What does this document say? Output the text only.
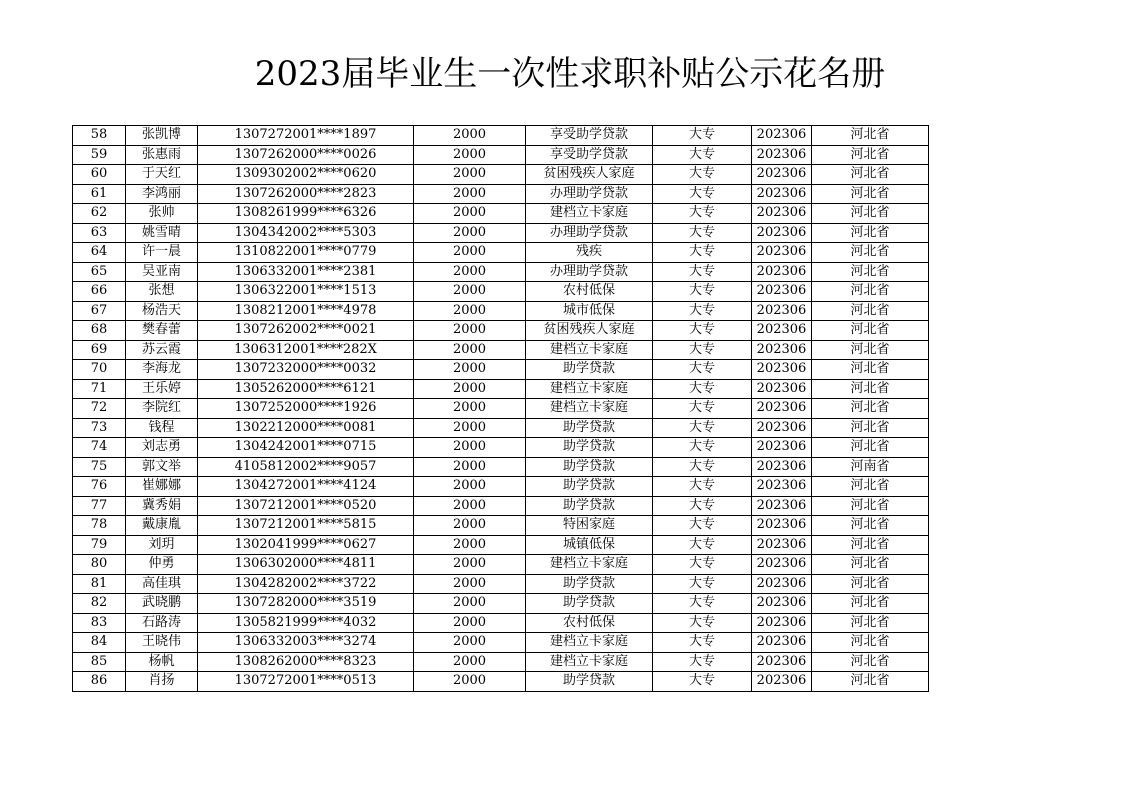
2023届毕业生一次性求职补贴公示花名册
58	张凯博	1307272001****1897	2000	享受助学贷款	大专	202306	河北省
59	张惠雨	1307262000****0026	2000	享受助学贷款	大专	202306	河北省
60	于天红	1309302002****0620	2000	贫困残疾人家庭	大专	202306	河北省
61	李鸿丽	1307262000****2823	2000	办理助学贷款	大专	202306	河北省
62	张帅	1308261999****6326	2000	建档立卡家庭	大专	202306	河北省
63	姚雪晴	1304342002****5303	2000	办理助学贷款	大专	202306	河北省
64	许一晨	1310822001****0779	2000	残疾	大专	202306	河北省
65	吴亚南	1306332001****2381	2000	办理助学贷款	大专	202306	河北省
66	张想	1306322001****1513	2000	农村低保	大专	202306	河北省
67	杨浩天	1308212001****4978	2000	城市低保	大专	202306	河北省
68	樊春蕾	1307262002****0021	2000	贫困残疾人家庭	大专	202306	河北省
69	苏云霞	1306312001****282X	2000	建档立卡家庭	大专	202306	河北省
70	李海龙	1307232000****0032	2000	助学贷款	大专	202306	河北省
71	王乐婷	1305262000****6121	2000	建档立卡家庭	大专	202306	河北省
72	李院红	1307252000****1926	2000	建档立卡家庭	大专	202306	河北省
73	钱程	1302212000****0081	2000	助学贷款	大专	202306	河北省
74	刘志勇	1304242001****0715	2000	助学贷款	大专	202306	河北省
75	郭文举	4105812002****9057	2000	助学贷款	大专	202306	河南省
76	崔娜娜	1304272001****4124	2000	助学贷款	大专	202306	河北省
77	冀秀娟	1307212001****0520	2000	助学贷款	大专	202306	河北省
78	戴康胤	1307212001****5815	2000	特困家庭	大专	202306	河北省
79	刘玥	1302041999****0627	2000	城镇低保	大专	202306	河北省
80	仲勇	1306302000****4811	2000	建档立卡家庭	大专	202306	河北省
81	高佳琪	1304282002****3722	2000	助学贷款	大专	202306	河北省
82	武晓鹏	1307282000****3519	2000	助学贷款	大专	202306	河北省
83	石路涛	1305821999****4032	2000	农村低保	大专	202306	河北省
84	王晓伟	1306332003****3274	2000	建档立卡家庭	大专	202306	河北省
85	杨帆	1308262000****8323	2000	建档立卡家庭	大专	202306	河北省
86	肖扬	1307272001****0513	2000	助学贷款	大专	202306	河北省
